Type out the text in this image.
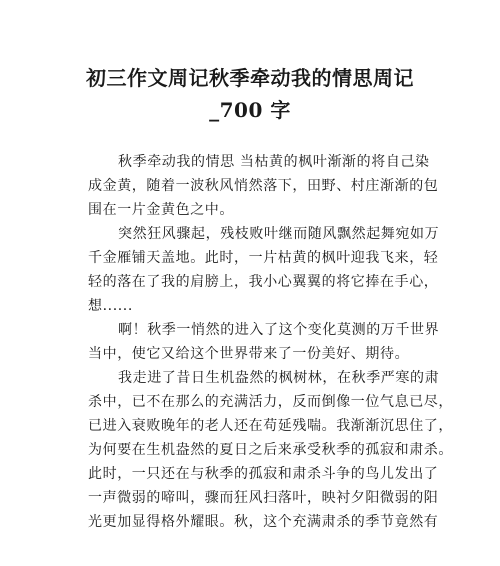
初三作文周记秋季牵动我的情思周记
_700 字
秋季牵动我的情思 当枯黄的枫叶渐渐的将自己染
成金黄，随着一波秋风悄然落下，田野、村庄渐渐的包
围在一片金黄色之中。
突然狂风骤起，残枝败叶继而随风飘然起舞宛如万
千金雁铺天盖地。此时，一片枯黄的枫叶迎我飞来，轻
轻的落在了我的肩膀上，我小心翼翼的将它捧在手心，
想......
啊！秋季一悄然的进入了这个变化莫测的万千世界
当中，使它又给这个世界带来了一份美好、期待。
我走进了昔日生机盎然的枫树林，在秋季严寒的肃
杀中，已不在那么的充满活力，反而倒像一位气息已尽，
已进入衰败晚年的老人还在苟延残喘。我渐渐沉思住了，
为何要在生机盎然的夏日之后来承受秋季的孤寂和肃杀。
此时，一只还在与秋季的孤寂和肃杀斗争的鸟儿发出了
一声微弱的啼叫，骤而狂风扫落叶，映衬夕阳微弱的阳
光更加显得格外耀眼。秋，这个充满肃杀的季节竟然有
